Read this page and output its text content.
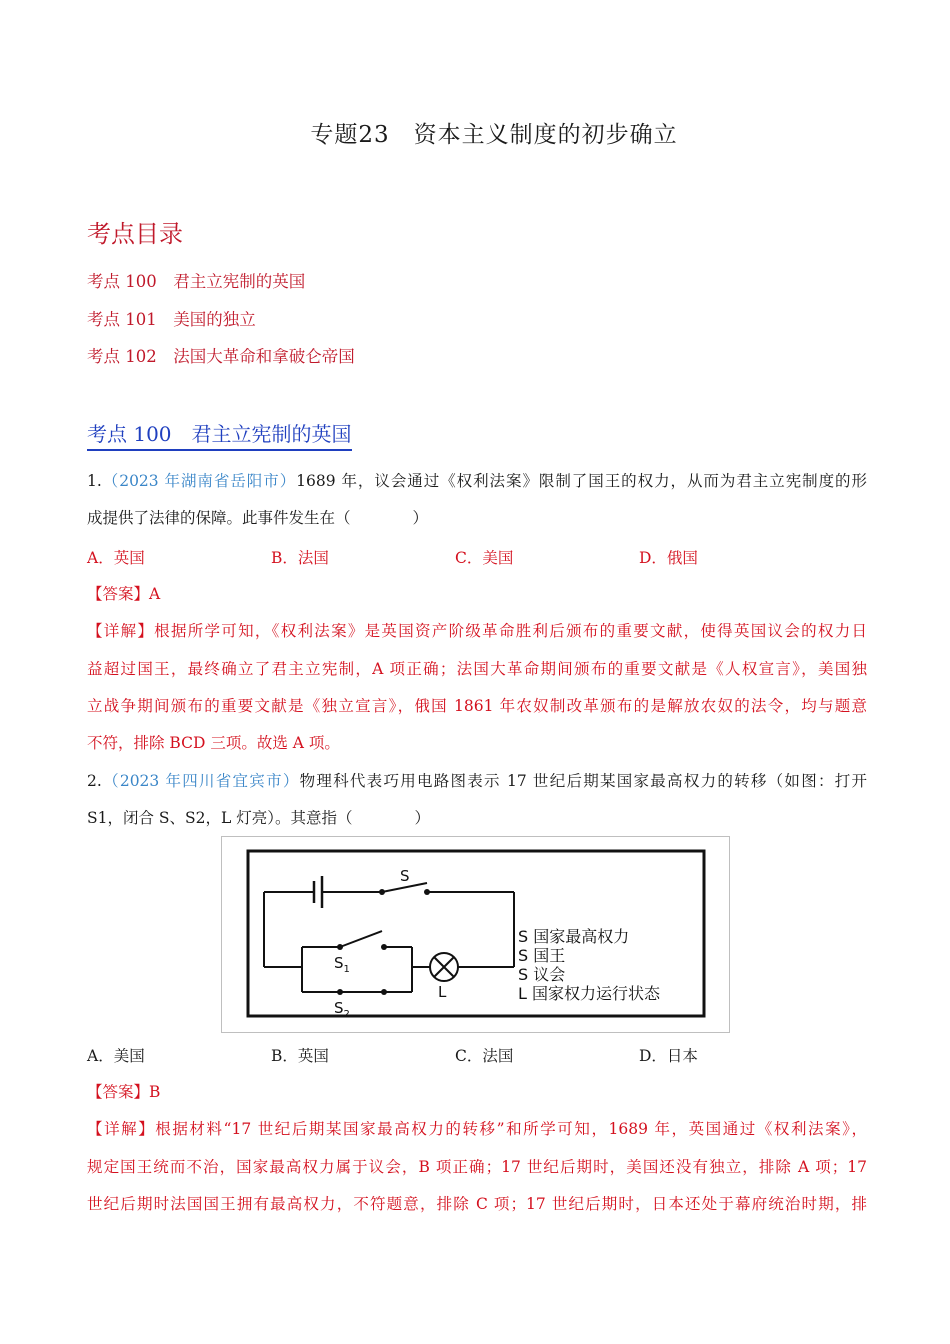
专题23　资本主义制度的初步确立
考点目录
考点 100　君主立宪制的英国
考点 101　美国的独立
考点 102　法国大革命和拿破仑帝国
考点 100　君主立宪制的英国
1.（2023 年湖南省岳阳市）1689 年，议会通过《权利法案》限制了国王的权力，从而为君主立宪制度的形
成提供了法律的保障。此事件发生在（　　　　）
A．英国	B．法国	C．美国	D．俄国
【答案】A
【详解】根据所学可知，《权利法案》是英国资产阶级革命胜利后颁布的重要文献，使得英国议会的权力日
益超过国王，最终确立了君主立宪制，A 项正确；法国大革命期间颁布的重要文献是《人权宣言》，美国独
立战争期间颁布的重要文献是《独立宣言》，俄国 1861 年农奴制改革颁布的是解放农奴的法令，均与题意
不符，排除 BCD 三项。故选 A 项。
2.（2023 年四川省宜宾市）物理科代表巧用电路图表示 17 世纪后期某国家最高权力的转移（如图：打开
S1，闭合 S、S2，L 灯亮）。其意指（　　　　）
S
$S_1$
$S_2$
L
S 国家最高权力
S 国王
S 议会
L 国家权力运行状态
A．美国	B．英国	C．法国	D．日本
【答案】B
【详解】根据材料“17 世纪后期某国家最高权力的转移”和所学可知，1689 年，英国通过《权利法案》，
规定国王统而不治，国家最高权力属于议会，B 项正确；17 世纪后期时，美国还没有独立，排除 A 项；17
世纪后期时法国国王拥有最高权力，不符题意，排除 C 项；17 世纪后期时，日本还处于幕府统治时期，排
